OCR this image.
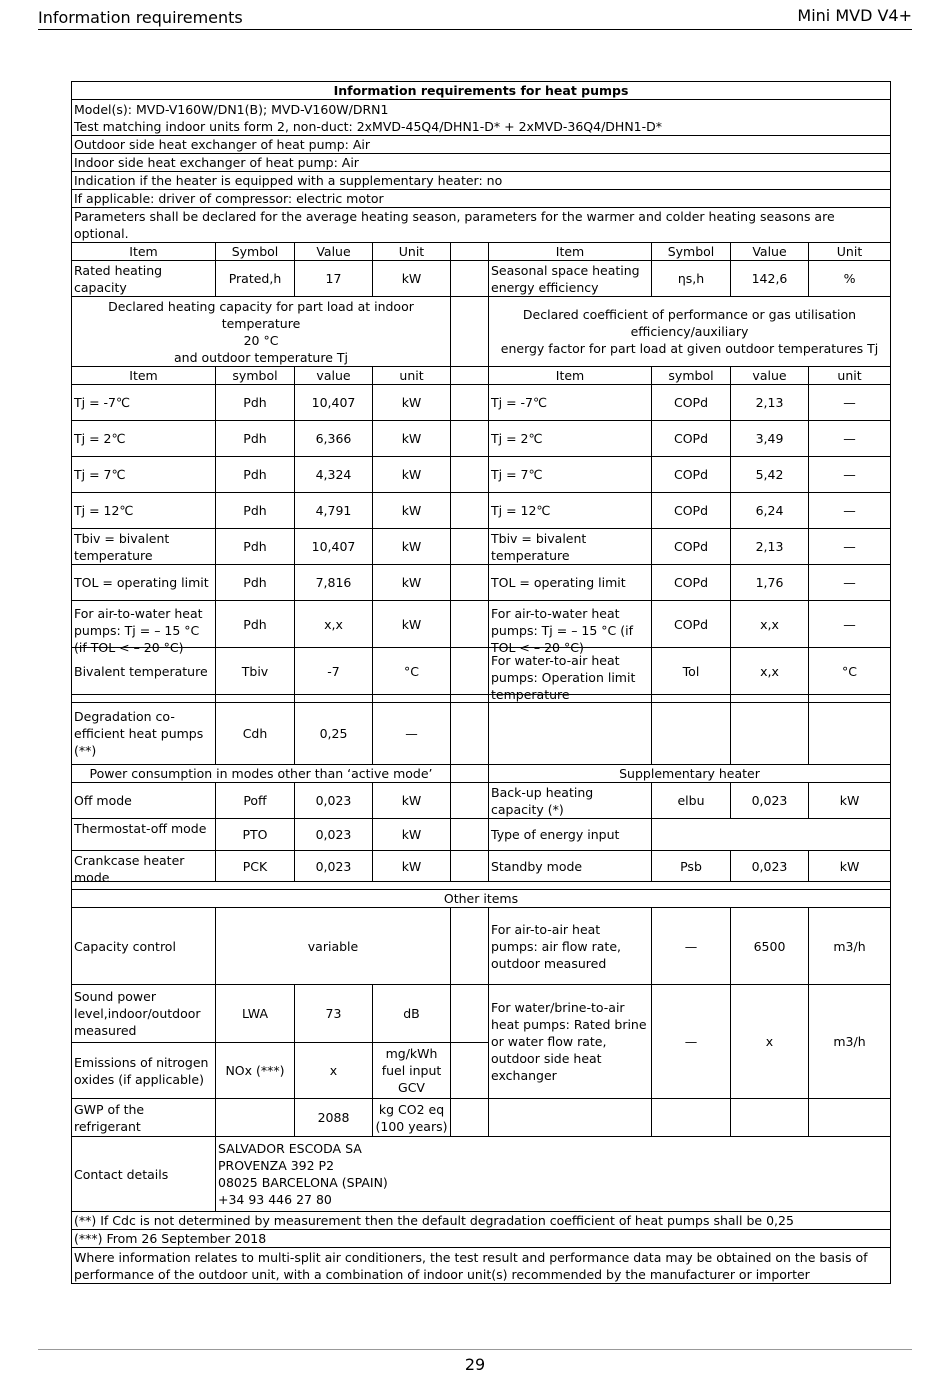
Information requirements	Mini MVD V4+
Information requirements for heat pumps								
Model(s): MVD-V160W/DN1(B); MVD-V160W/DRN1
Test matching indoor units form 2, non-duct: 2xMVD-45Q4/DHN1-D* + 2xMVD-36Q4/DHN1-D*								
Outdoor side heat exchanger of heat pump: Air								
Indoor side heat exchanger of heat pump: Air								
Indication if the heater is equipped with a supplementary heater: no								
If applicable: driver of compressor: electric motor								
Parameters shall be declared for the average heating season, parameters for the warmer and colder heating seasons are optional.								
Item	Symbol	Value	Unit		Item	Symbol	Value	Unit
Rated heating capacity	Prated,h	17	kW		Seasonal space heating energy efficiency	ηs,h	142,6	%
Declared heating capacity for part load at indoor temperature
20 °C
and outdoor temperature Tj					Declared coefficient of performance or gas utilisation
efficiency/auxiliary
energy factor for part load at given outdoor temperatures Tj			
Item	symbol	value	unit		Item	symbol	value	unit
Tj = -7℃	Pdh	10,407	kW		Tj = -7℃	COPd	2,13	—
Tj = 2℃	Pdh	6,366	kW		Tj = 2℃	COPd	3,49	—
Tj = 7℃	Pdh	4,324	kW		Tj = 7℃	COPd	5,42	—
Tj = 12℃	Pdh	4,791	kW		Tj = 12℃	COPd	6,24	—
Tbiv = bivalent temperature	Pdh	10,407	kW		Tbiv = bivalent temperature	COPd	2,13	—
TOL = operating limit	Pdh	7,816	kW		TOL = operating limit	COPd	1,76	—

For air-to-water heat pumps: Tj = – 15 °C (if TOL < – 20 °C)	Pdh	x,x	kW		For air-to-water heat pumps: Tj = – 15 °C (if TOL < – 20 °C)	COPd	x,x	—
Bivalent temperature	Tbiv	-7	°C		For water-to-air heat pumps: Operation limit temperature	Tol	x,x	°C

Degradation co-efficient heat pumps (**)	Cdh	0,25	—					
Power consumption in modes other than ‘active mode’					Supplementary heater			
Off mode	Poff	0,023	kW		Back-up heating capacity (*)	elbu	0,023	kW

Thermostat-off mode	PTO	0,023	kW		Type of energy input			

Crankcase heater mode	PCK	0,023	kW		Standby mode	Psb	0,023	kW

Other items								
Capacity control	variable				For air-to-air heat pumps: air flow rate, outdoor measured	—	6500	m3/h
Sound power level,indoor/outdoor measured	LWA	73	dB		For water/brine-to-air heat pumps: Rated brine or water flow rate, outdoor side heat exchanger	—	x	m3/h
Emissions of nitrogen oxides (if applicable)	NOx (***)	x	mg/kWh fuel input GCV					
GWP of the refrigerant		2088	kg CO2 eq (100 years)					
Contact details	SALVADOR ESCODA SA
PROVENZA 392 P2
08025 BARCELONA (SPAIN)
+34 93 446 27 80							
(**) If Cdc is not determined by measurement then the default degradation coefficient of heat pumps shall be 0,25								
(***) From 26 September 2018								
Where information relates to multi-split air conditioners, the test result and performance data may be obtained on the basis of performance of the outdoor unit, with a combination of indoor unit(s) recommended by the manufacturer or importer								
29
